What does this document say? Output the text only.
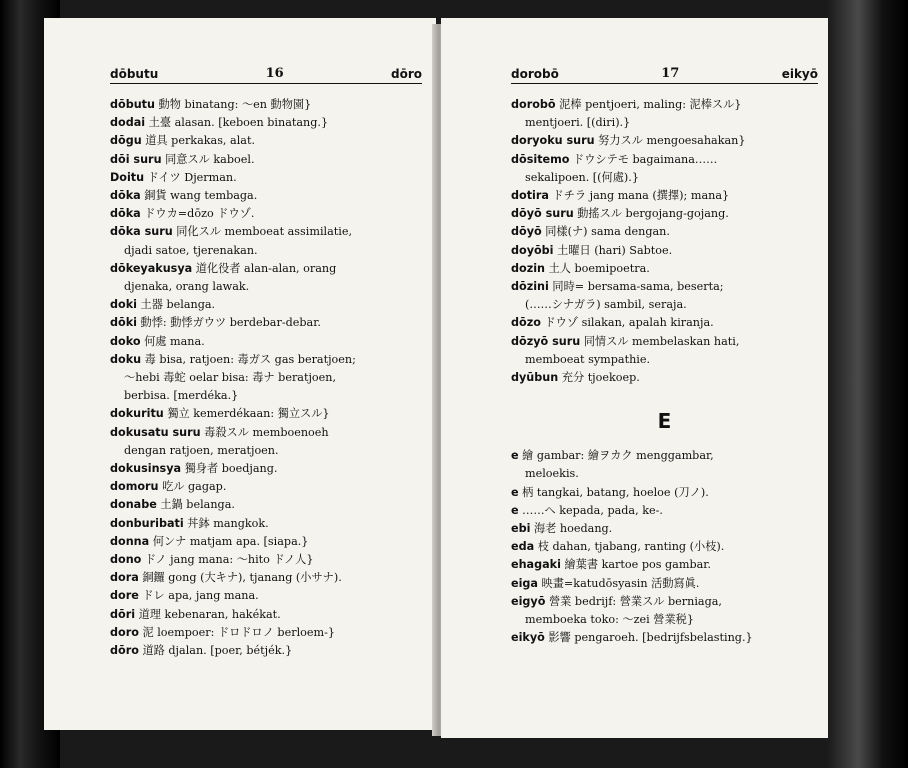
dōbutu	16	dōro
dōbutu 動物 binatang: ～en 動物園}
dodai 土臺 alasan. [keboen binatang.}
dōgu 道具 perkakas, alat.
dōi suru 同意スル kaboel.
Doitu ドイツ Djerman.
dōka 銅貨 wang tembaga.
dōka ドウカ=dōzo ドウゾ.
dōka suru 同化スル memboeat assimilatie,
djadi satoe, tjerenakan.
dōkeyakusya 道化役者 alan-alan, orang
djenaka, orang lawak.
doki 土器 belanga.
dōki 動悸: 動悸ガウツ berdebar-debar.
doko 何處 mana.
doku 毒 bisa, ratjoen: 毒ガス gas beratjoen;
～hebi 毒蛇 oelar bisa: 毒ナ beratjoen,
berbisa. [merdéka.}
dokuritu 獨立 kemerdékaan: 獨立スル}
dokusatu suru 毒殺スル memboenoeh
dengan ratjoen, meratjoen.
dokusinsya 獨身者 boedjang.
domoru 吃ル gagap.
donabe 土鍋 belanga.
donburibati 丼鉢 mangkok.
donna 何ンナ matjam apa. [siapa.}
dono ドノ jang mana: ～hito ドノ人}
dora 銅鑼 gong (大キナ), tjanang (小サナ).
dore ドレ apa, jang mana.
dōri 道理 kebenaran, hakékat.
doro 泥 loempoer: ドロドロノ berloem-}
dōro 道路 djalan. [poer, bétjék.}
dorobō	17	eikyō
dorobō 泥棒 pentjoeri, maling: 泥棒スル}
mentjoeri. [(diri).}
doryoku suru 努力スル mengoesahakan}
dōsitemo ドウシテモ bagaimana……
sekalipoen. [(何處).}
dotira ドチラ jang mana (撰擇); mana}
dōyō suru 動搖スル bergojang-gojang.
dōyō 同樣(ナ) sama dengan.
doyōbi 土曜日 (hari) Sabtoe.
dozin 土人 boemipoetra.
dōzini 同時= bersama-sama, beserta;
(……シナガラ) sambil, seraja.
dōzo ドウゾ silakan, apalah kiranja.
dōzyō suru 同情スル membelaskan hati,
memboeat sympathie.
dyūbun 充分 tjoekoep.
E
e 繪 gambar: 繪ヲカク menggambar,
meloekis.
e 柄 tangkai, batang, hoeloe (刀ノ).
e ……へ kepada, pada, ke-.
ebi 海老 hoedang.
eda 枝 dahan, tjabang, ranting (小枝).
ehagaki 繪葉書 kartoe pos gambar.
eiga 映畫=katudōsyasin 活動寫眞.
eigyō 營業 bedrijf: 營業スル berniaga,
memboeka toko: ～zei 營業税}
eikyō 影響 pengaroeh. [bedrijfsbelasting.}
